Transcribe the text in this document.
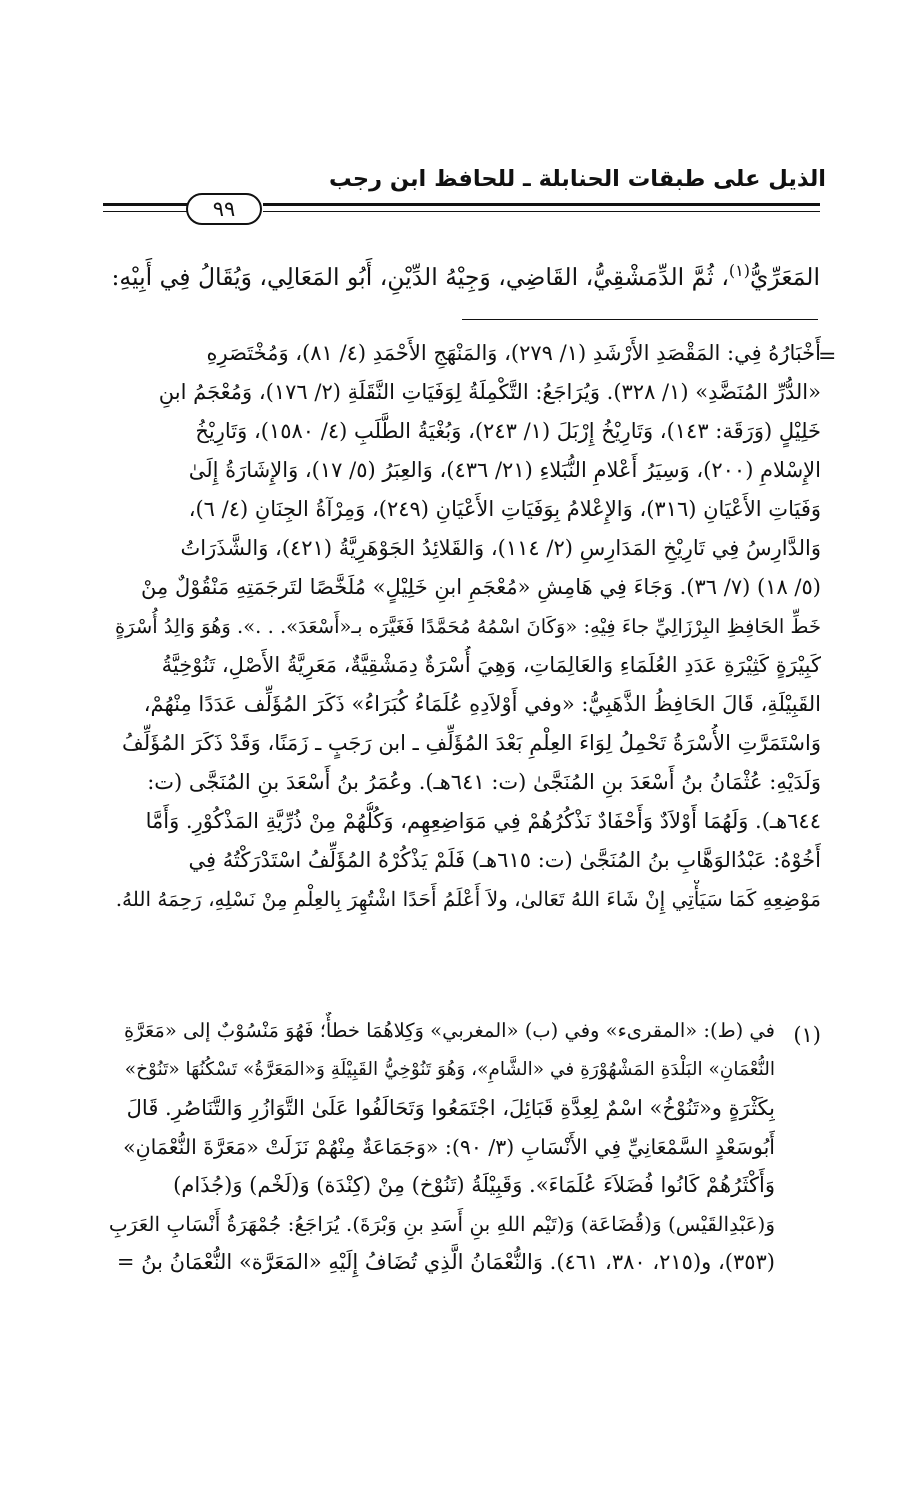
الذيل على طبقات الحنابلة ـ للحافظ ابن رجب
٩٩
المَعَرِّيُّ$^{(١)}$، ثُمَّ الدِّمَشْقِيُّ، القَاضِي، وَجِيْهُ الدِّيْنِ، أَبُو المَعَالِي، وَيُقَالُ فِي أَبِيْهِ:
=
أَخْبَارُهُ فِي: المَقْصَدِ الأَرْشَدِ (١/ ٢٧٩)، وَالمَنْهَجِ الأَحْمَدِ (٤/ ٨١)، وَمُخْتَصَرِهِ
«الدُّرِّ المُنَضَّدِ» (١/ ٣٢٨). وَيُرَاجَعُ: التَّكْمِلَةُ لِوَفَيَاتِ النَّقَلَةِ (٢/ ١٧٦)، وَمُعْجَمُ ابنِ
خَلِيْلٍ (وَرَقَة: ١٤٣)، وَتَارِيْخُ إِرْبَلَ (١/ ٢٤٣)، وَبُغْيَةُ الطَّلَبِ (٤/ ١٥٨٠)، وَتَارِيْخُ
الإِسْلامِ (٢٠٠)، وَسِيَرُ أَعْلامِ النُّبَلاءِ (٢١/ ٤٣٦)، وَالعِبَرُ (٥/ ١٧)، وَالإِشَارَةُ إِلَىٰ
وَفَيَاتِ الأَعْيَانِ (٣١٦)، وَالإِعْلامُ بِوَفَيَاتِ الأَعْيَانِ (٢٤٩)، وَمِرْآةُ الجِنَانِ (٤/ ٦)،
وَالدَّارِسُ فِي تَارِيْخِ المَدَارِسِ (٢/ ١١٤)، وَالقَلائِدُ الجَوْهَرِيَّةُ (٤٢١)، وَالشَّذَرَاتُ
(٥/ ١٨) (٧/ ٣٦). وَجَاءَ فِي هَامِشِ «مُعْجَمِ ابنِ خَلِيْلٍ» مُلَخَّصًا لتَرجَمَتِهِ مَنْقُوْلٌ مِنْ
خَطِّ الحَافِظِ البِرْزَالِيِّ جاءَ فِيْهِ: «وَكَانَ اسْمُهُ مُحَمَّدًا فَغَيَّرَه بـ«أَسْعَدَ». . .». وَهُوَ وَالِدُ أُسْرَةٍ
كَبِيْرَةٍ كَثِيْرَةِ عَدَدِ العُلَمَاءِ وَالعَالِمَاتِ، وَهِيَ أُسْرَةٌ دِمَشْقِيَّةٌ، مَعَرِيَّةُ الأَصْلِ، تَنُوْخِيَّةُ
القَبِيْلَةِ، قَالَ الحَافِظُ الذَّهَبِيُّ: «وفي أَوْلاَدِهِ عُلَمَاءُ كُبَرَاءُ» ذَكَرَ المُؤَلِّف عَدَدًا مِنْهُمْ،
وَاسْتَمَرَّتِ الأُسْرَةُ تَحْمِلُ لِوَاءَ العِلْمِ بَعْدَ المُؤَلِّفِ ـ ابن رَجَبٍ ـ زَمَنًا، وَقَدْ ذَكَرَ المُؤَلِّفُ
وَلَدَيْهِ: عُثْمَانُ بنُ أَسْعَدَ بنِ المُنَجَّىٰ (ت: ٦٤١هـ). وعُمَرُ بنُ أَسْعَدَ بنِ المُنَجَّى (ت:
٦٤٤هـ). وَلَهُمَا أَوْلاَدٌ وَأَحْفَادٌ نَذْكُرُهُمْ فِي مَوَاضِعِهِم، وَكُلُّهُمْ مِنْ ذُرِّيَّةِ المَذْكُوْرِ. وَأَمَّا
أَخُوْهُ: عَبْدُالوَهَّابِ بنُ المُنَجَّىٰ (ت: ٦١٥هـ) فَلَمْ يَذْكُرْهُ المُؤَلِّفُ اسْتَدْرَكْتُهُ فِي
مَوْضِعِهِ كَمَا سَيَأْتِي إِنْ شَاءَ اللهُ تَعَالىٰ، ولاَ أَعْلَمُ أَحَدًا اشْتُهِرَ بِالعِلْمِ مِنْ نَسْلِهِ، رَحِمَهُ اللهُ.
(١)
في (ط): «المقرىء» وفي (ب) «المغربي» وَكِلاهُمَا خطأٌ؛ فَهُوَ مَنْسُوْبٌ إلى «مَعَرَّةِ
النُّعْمَانِ» البَلْدَةِ المَشْهُوْرَةِ في «الشَّامِ»، وَهُوَ تَنُوْخِيُّ القَبِيْلَةِ وَ«المَعَرَّةُ» تَسْكُنُهَا «تَنُوْخ»
بِكَثْرَةٍ و«تَنُوْخُ» اسْمٌ لِعِدَّةِ قَبَائِلَ، اجْتَمَعُوا وَتَحَالَفُوا عَلَىٰ التَّوَازُرِ وَالتَّنَاصُرِ. قَالَ
أَبُوسَعْدٍ السَّمْعَانِيِّ فِي الأَنْسَابِ (٣/ ٩٠): «وَجَمَاعَةٌ مِنْهُمْ نَزَلَتْ «مَعَرَّةَ النُّعْمَانِ»
وَأَكْثَرُهُمْ كَانُوا فُضَلاَءَ عُلَمَاءَ». وَقَبِيْلَةُ (تَنُوْخ) مِنْ (كِنْدَة) وَ(لَخْم) وَ(جُذَام)
وَ(عَبْدِالقَيْس) وَ(قُضَاعَة) وَ(تَيْم اللهِ بنِ أَسَدِ بنِ وَبْرَةَ). يُرَاجَعُ: جُمْهَرَةُ أَنْسَابِ العَرَبِ
(٣٥٣)، و(٢١٥، ٣٨٠، ٤٦١). وَالنُّعْمَانُ الَّذِي تُضَافُ إِلَيْهِ «المَعَرَّة» النُّعْمَانُ بنُ =
